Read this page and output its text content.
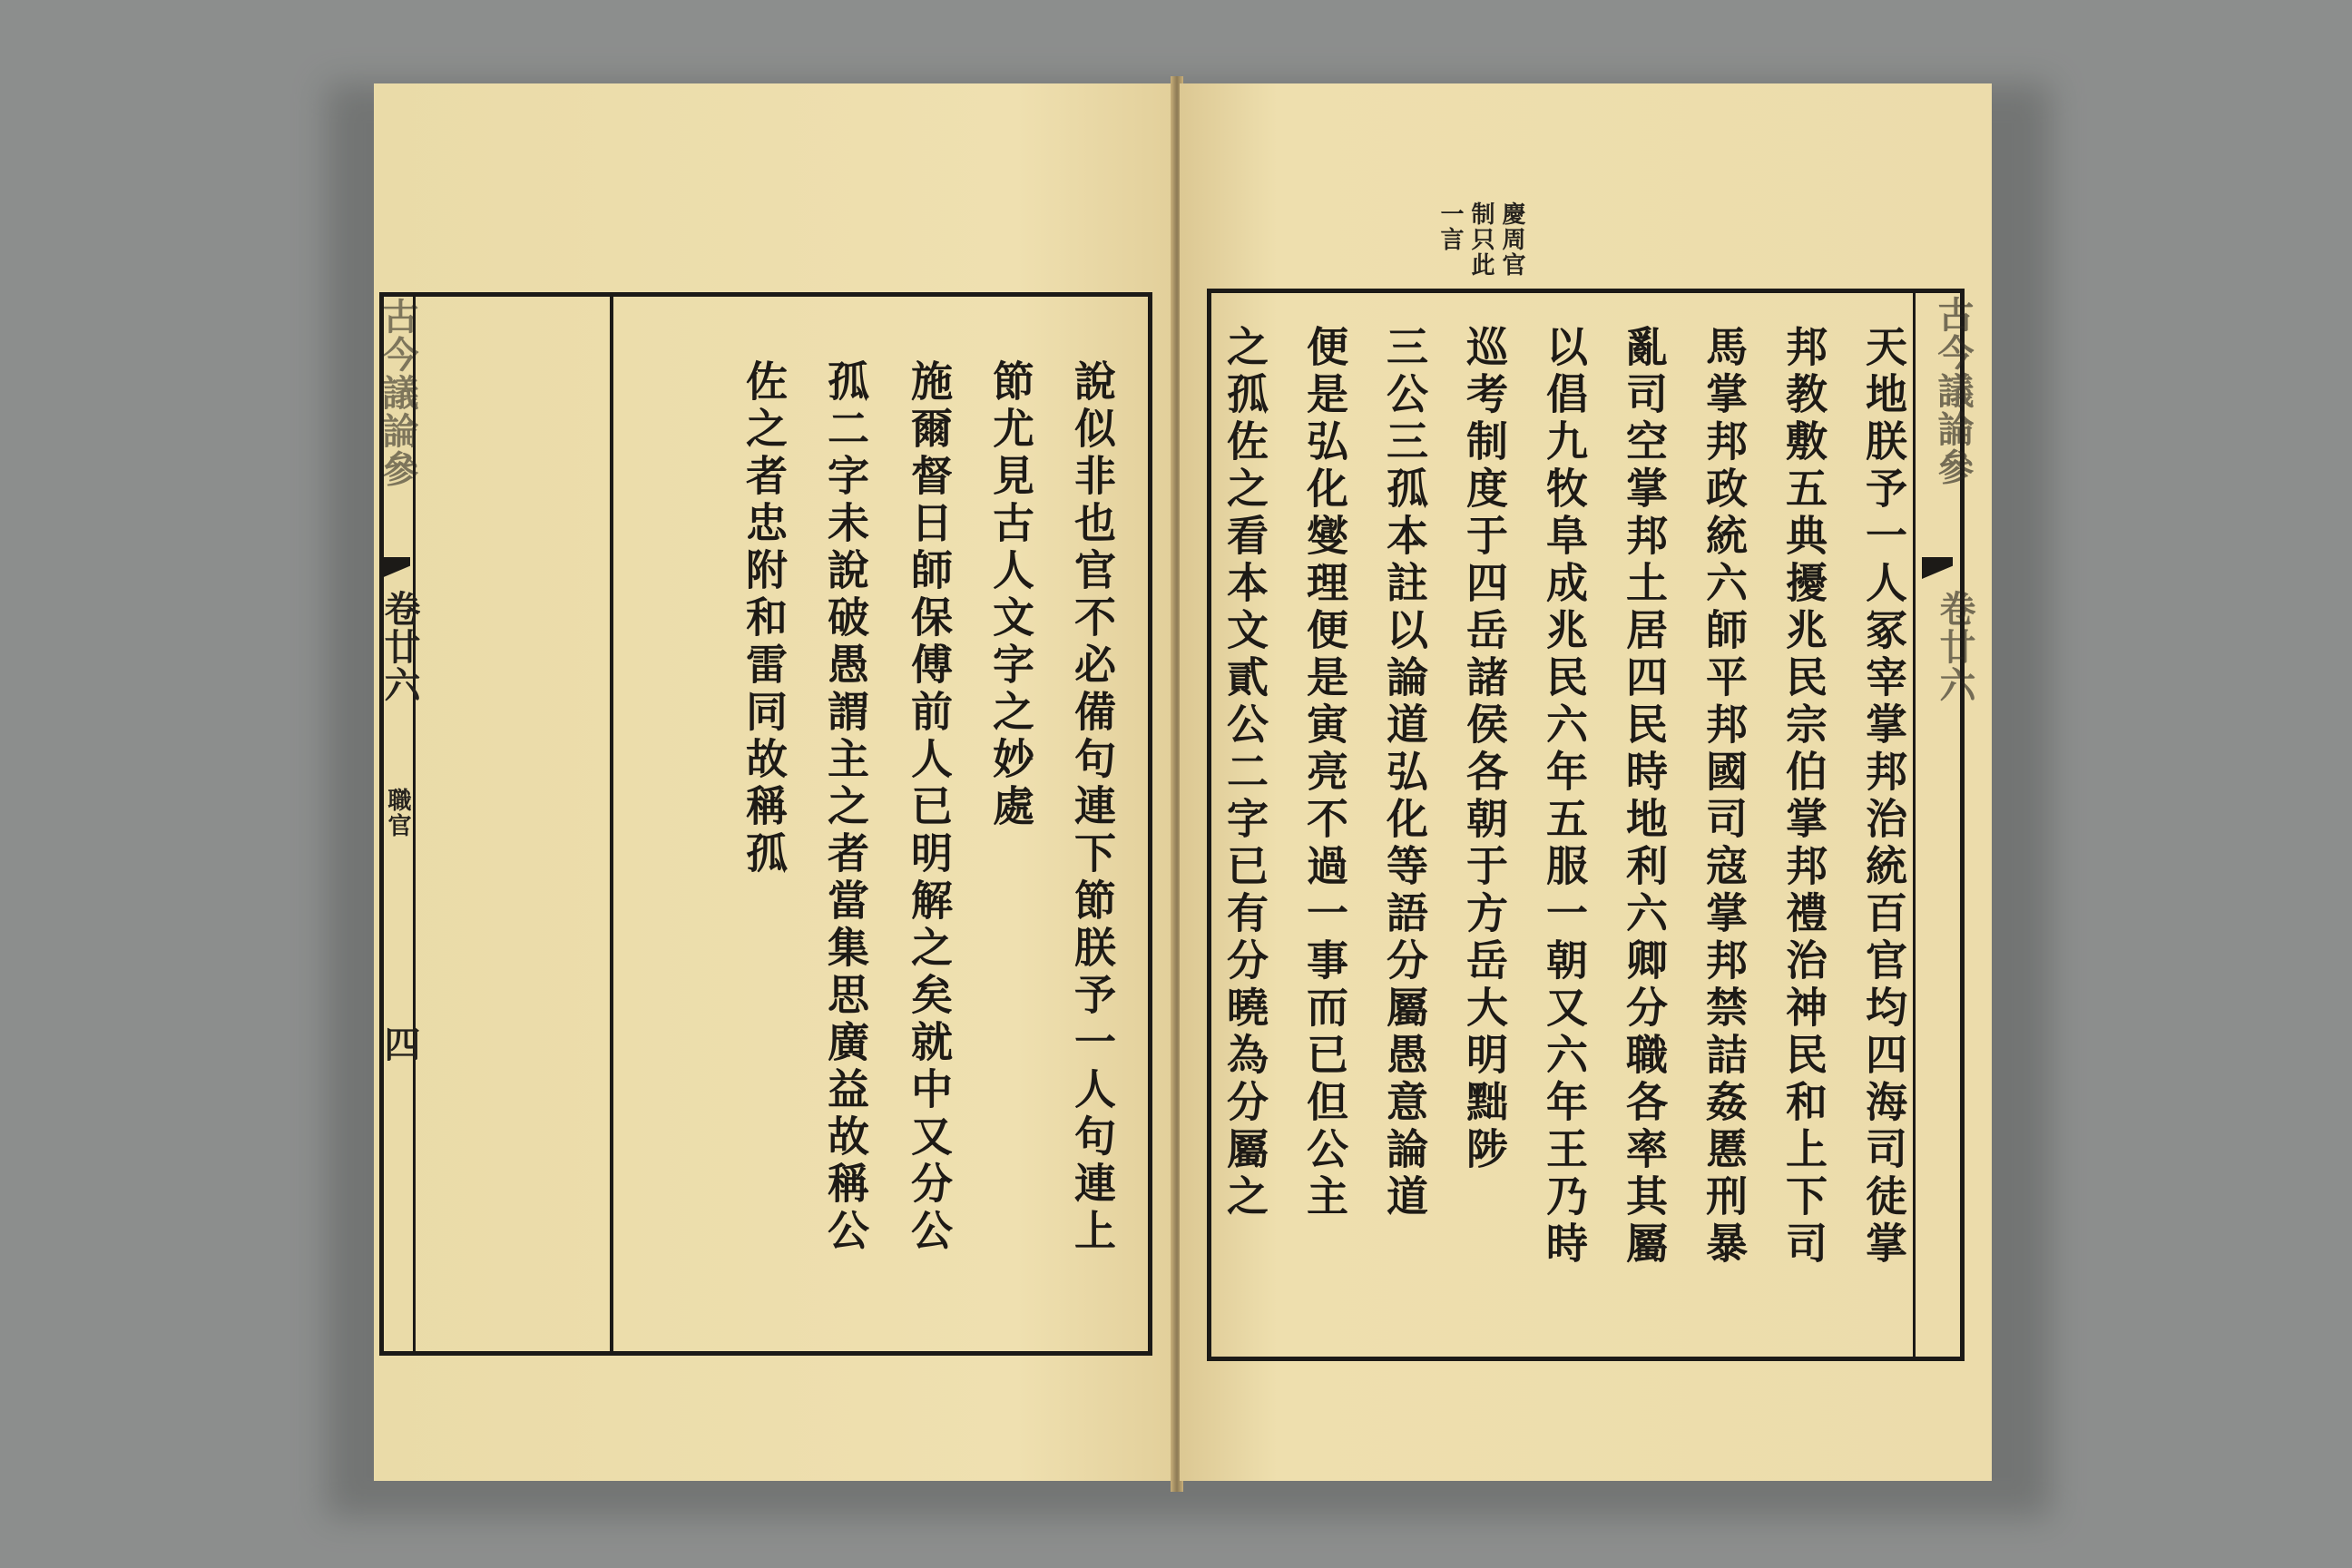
古今議論參
卷廿六
職官
四	說似非也官不必備句連下節朕予一人句連上
節尤見古人文字之妙處
施爾督日師保傅前人已明解之矣就中又分公
孤二字未說破愚謂主之者當集思廣益故稱公
佐之者忠附和雷同故稱孤
慶周官
制只此
一言
古今議論參
卷廿六
天地朕予一人冢宰掌邦治統百官均四海司徒掌
邦教敷五典擾兆民宗伯掌邦禮治神民和上下司
馬掌邦政統六師平邦國司寇掌邦禁詰姦慝刑暴
亂司空掌邦土居四民時地利六卿分職各率其屬
以倡九牧阜成兆民六年五服一朝又六年王乃時
巡考制度于四岳諸侯各朝于方岳大明黜陟
三公三孤本註以論道弘化等語分屬愚意論道
便是弘化燮理便是寅亮不過一事而已但公主
之孤佐之看本文貳公二字已有分曉為分屬之
